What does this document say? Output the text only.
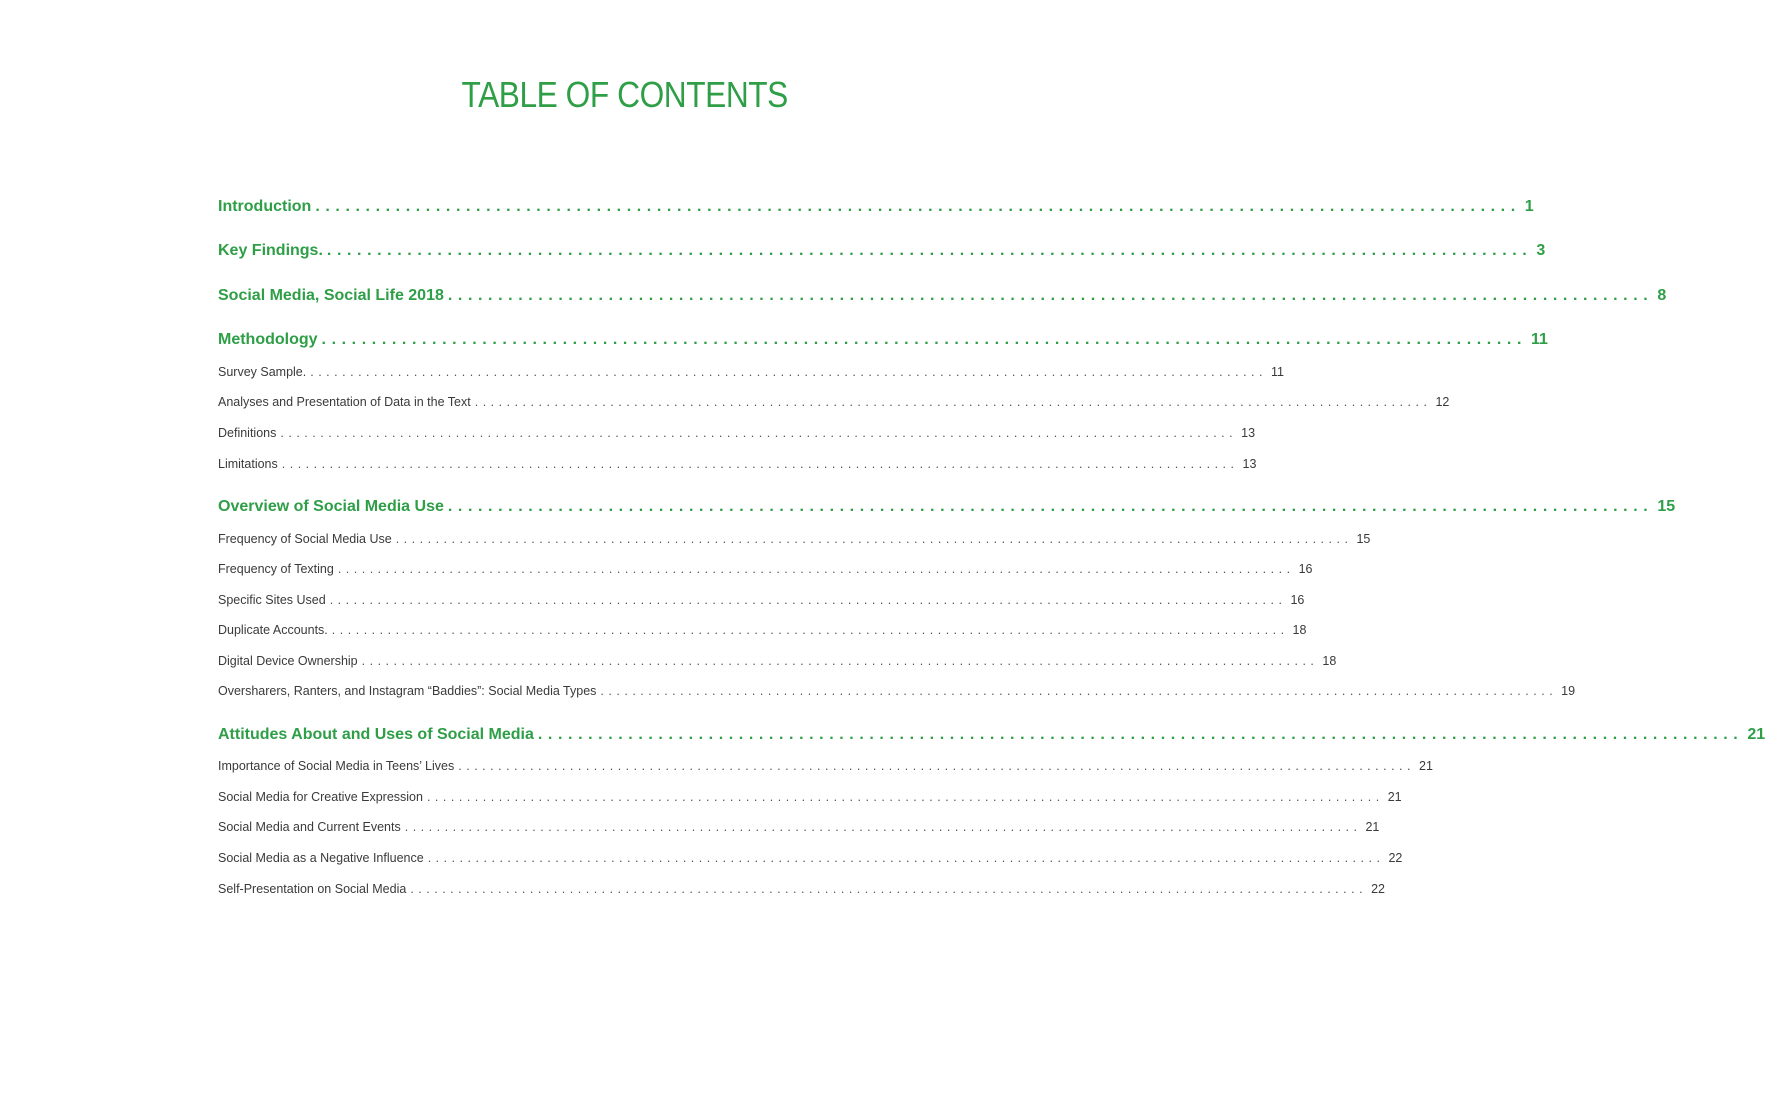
TABLE OF CONTENTS
Introduction ........................................................................................................................ 1
Key Findings. ........................................................................................................................ 3
Social Media, Social Life 2018 ........................................................................................................................ 8
Methodology ........................................................................................................................ 11
Survey Sample. ........................................................................................................................ 11
Analyses and Presentation of Data in the Text ........................................................................................................................ 12
Definitions ........................................................................................................................ 13
Limitations ........................................................................................................................ 13
Overview of Social Media Use ........................................................................................................................ 15
Frequency of Social Media Use ........................................................................................................................ 15
Frequency of Texting ........................................................................................................................ 16
Specific Sites Used ........................................................................................................................ 16
Duplicate Accounts. ........................................................................................................................ 18
Digital Device Ownership ........................................................................................................................ 18
Oversharers, Ranters, and Instagram “Baddies”: Social Media Types ........................................................................................................................ 19
Attitudes About and Uses of Social Media ........................................................................................................................ 21
Importance of Social Media in Teens’ Lives ........................................................................................................................ 21
Social Media for Creative Expression ........................................................................................................................ 21
Social Media and Current Events ........................................................................................................................ 21
Social Media as a Negative Influence ........................................................................................................................ 22
Self-Presentation on Social Media ........................................................................................................................ 22
